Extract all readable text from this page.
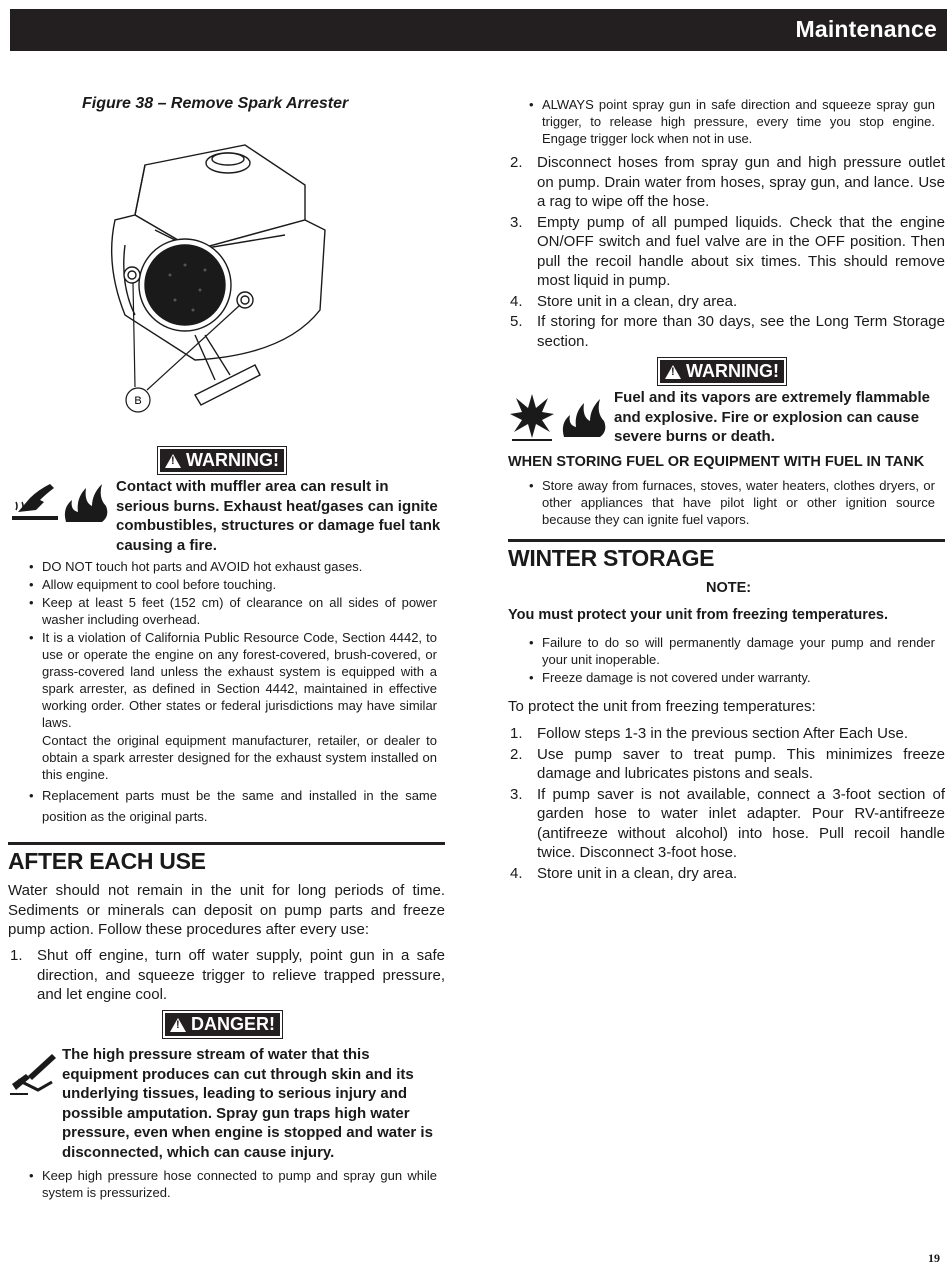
Maintenance
Figure 38 – Remove Spark Arrester
B
!
WARNING!
Contact with muffler area can result in serious burns. Exhaust heat/gases can ignite combustibles, structures or damage fuel tank causing a fire.
• DO NOT touch hot parts and AVOID hot exhaust gases.
• Allow equipment to cool before touching.
• Keep at least 5 feet (152 cm) of clearance on all sides of power washer including overhead.
• It is a violation of California Public Resource Code, Section 4442, to use or operate the engine on any forest-covered, brush-covered, or grass-covered land unless the exhaust system is equipped with a spark arrester, as defined in Section 4442, maintained in effective working order. Other states or federal jurisdictions may have similar laws.
Contact the original equipment manufacturer, retailer, or dealer to obtain a spark arrester designed for the exhaust system installed on this engine.
• Replacement parts must be the same and installed in the same position as the original parts.
AFTER EACH USE
Water should not remain in the unit for long periods of time. Sediments or minerals can deposit on pump parts and freeze pump action. Follow these procedures after every use:
1. Shut off engine, turn off water supply, point gun in a safe direction, and squeeze trigger to relieve trapped pressure, and let engine cool.
!
DANGER!
The high pressure stream of water that this equipment produces can cut through skin and its underlying tissues, leading to serious injury and possible amputation. Spray gun traps high water pressure, even when engine is stopped and water is disconnected, which can cause injury.
• Keep high pressure hose connected to pump and spray gun while system is pressurized.
• ALWAYS point spray gun in safe direction and squeeze spray gun trigger, to release high pressure, every time you stop engine. Engage trigger lock when not in use.
2. Disconnect hoses from spray gun and high pressure outlet on pump. Drain water from hoses, spray gun, and lance. Use a rag to wipe off the hose.
3. Empty pump of all pumped liquids. Check that the engine ON/OFF switch and fuel valve are in the OFF position. Then pull the recoil handle about six times. This should remove most liquid in pump.
4. Store unit in a clean, dry area.
5. If storing for more than 30 days, see the Long Term Storage section.
!
WARNING!
Fuel and its vapors are extremely flammable and explosive. Fire or explosion can cause severe burns or death.
WHEN STORING FUEL OR EQUIPMENT WITH FUEL IN TANK
• Store away from furnaces, stoves, water heaters, clothes dryers, or other appliances that have pilot light or other ignition source because they can ignite fuel vapors.
WINTER STORAGE
NOTE:
You must protect your unit from freezing temperatures.
• Failure to do so will permanently damage your pump and render your unit inoperable.
• Freeze damage is not covered under warranty.
To protect the unit from freezing temperatures:
1. Follow steps 1-3 in the previous section After Each Use.
2. Use pump saver to treat pump. This minimizes freeze damage and lubricates pistons and seals.
3. If pump saver is not available, connect a 3-foot section of garden hose to water inlet adapter. Pour RV-antifreeze (antifreeze without alcohol) into hose. Pull recoil handle twice. Disconnect 3-foot hose.
4. Store unit in a clean, dry area.
19
